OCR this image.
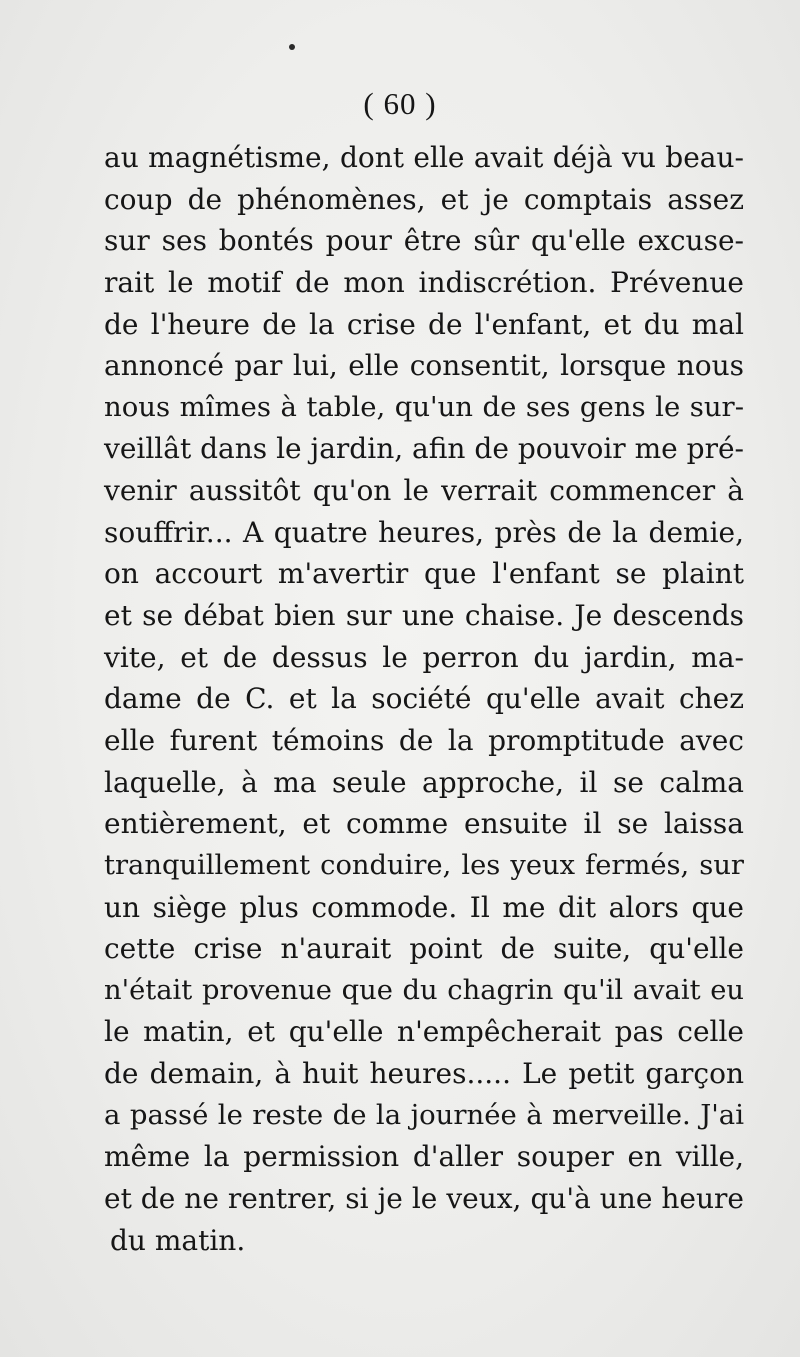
( 60 )
au magnétisme, dont elle avait déjà vu beau-
coup de phénomènes, et je comptais assez
sur ses bontés pour être sûr qu'elle excuse-
rait le motif de mon indiscrétion. Prévenue
de l'heure de la crise de l'enfant, et du mal
annoncé par lui, elle consentit, lorsque nous
nous mîmes à table, qu'un de ses gens le sur-
veillât dans le jardin, afin de pouvoir me pré-
venir aussitôt qu'on le verrait commencer à
souffrir... A quatre heures, près de la demie,
on accourt m'avertir que l'enfant se plaint
et se débat bien sur une chaise. Je descends
vite, et de dessus le perron du jardin, ma-
dame de C. et la société qu'elle avait chez
elle furent témoins de la promptitude avec
laquelle, à ma seule approche, il se calma
entièrement, et comme ensuite il se laissa
tranquillement conduire, les yeux fermés, sur
un siège plus commode. Il me dit alors que
cette crise n'aurait point de suite, qu'elle
n'était provenue que du chagrin qu'il avait eu
le matin, et qu'elle n'empêcherait pas celle
de demain, à huit heures..... Le petit garçon
a passé le reste de la journée à merveille. J'ai
même la permission d'aller souper en ville,
et de ne rentrer, si je le veux, qu'à une heure
du matin.
